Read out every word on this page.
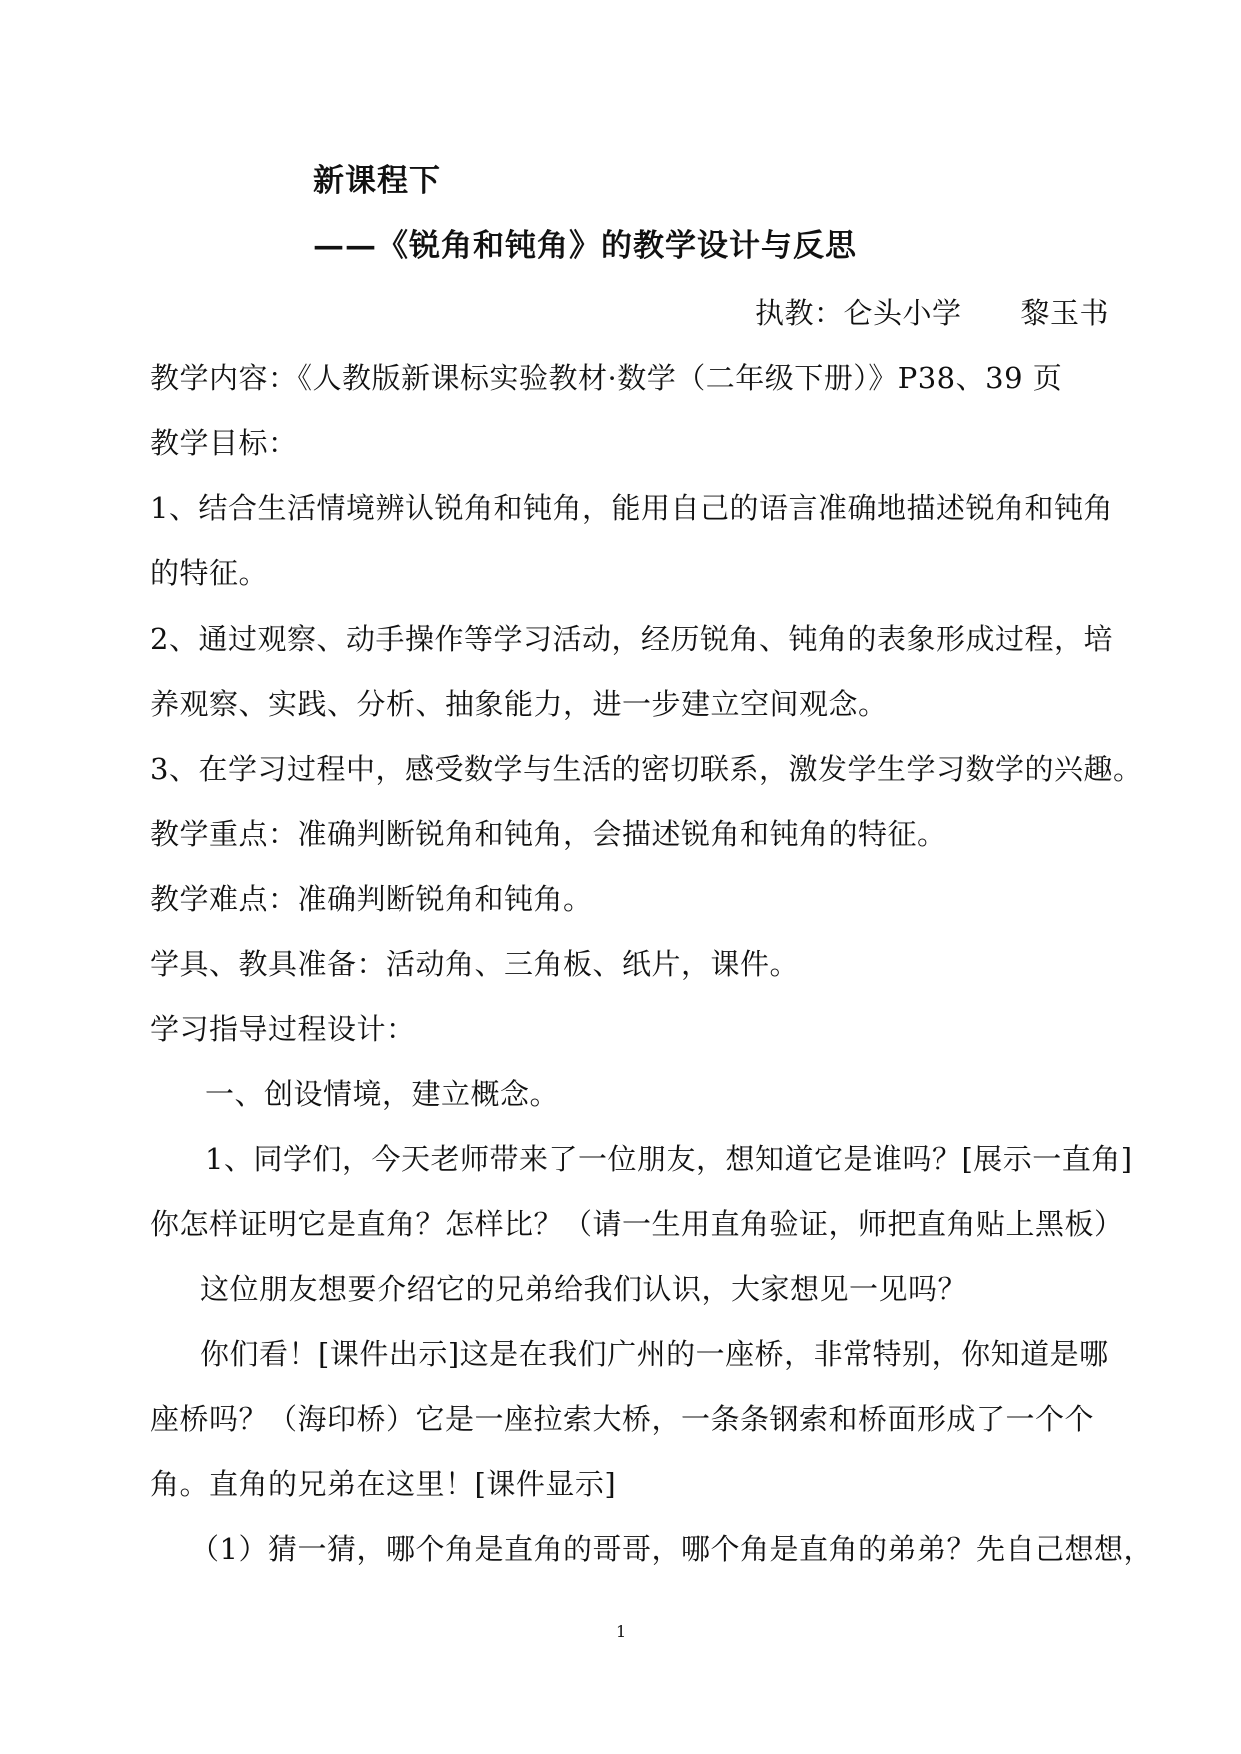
新课程下
——《锐角和钝角》的教学设计与反思
执教：仑头小学　　黎玉书
教学内容：《人教版新课标实验教材·数学（二年级下册）》P38、39 页
教学目标：
1、结合生活情境辨认锐角和钝角，能用自己的语言准确地描述锐角和钝角
的特征。
2、通过观察、动手操作等学习活动，经历锐角、钝角的表象形成过程，培
养观察、实践、分析、抽象能力，进一步建立空间观念。
3、在学习过程中，感受数学与生活的密切联系，激发学生学习数学的兴趣。
教学重点：准确判断锐角和钝角，会描述锐角和钝角的特征。
教学难点：准确判断锐角和钝角。
学具、教具准备：活动角、三角板、纸片，课件。
学习指导过程设计：
一、创设情境，建立概念。
1、同学们，今天老师带来了一位朋友，想知道它是谁吗？[展示一直角]
你怎样证明它是直角？怎样比？（请一生用直角验证，师把直角贴上黑板）
这位朋友想要介绍它的兄弟给我们认识，大家想见一见吗？
你们看！[课件出示]这是在我们广州的一座桥，非常特别，你知道是哪
座桥吗？（海印桥）它是一座拉索大桥，一条条钢索和桥面形成了一个个
角。直角的兄弟在这里！[课件显示]
（1）猜一猜，哪个角是直角的哥哥，哪个角是直角的弟弟？先自己想想，
1
